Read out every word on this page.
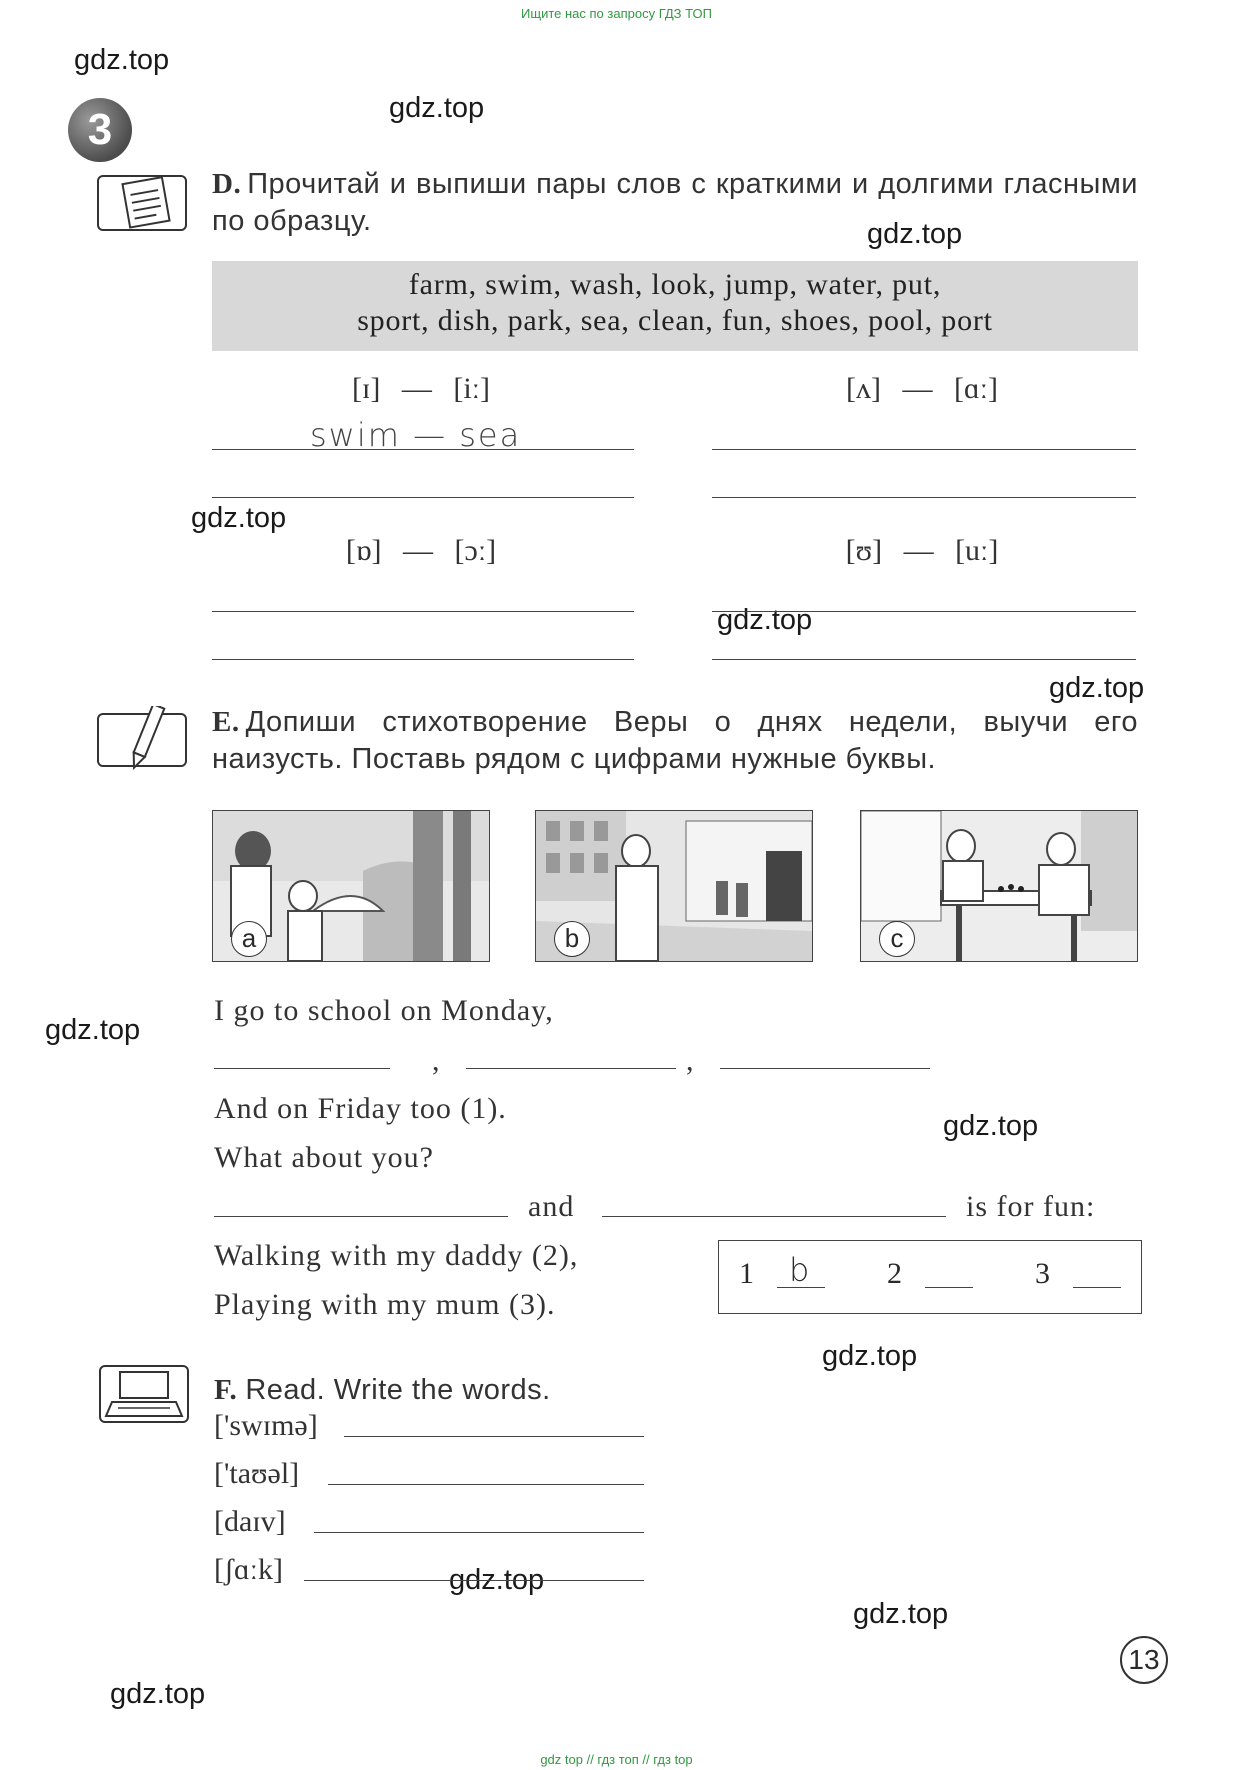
Ищите нас по запросу ГДЗ ТОП
gdz top // гдз топ // гдз top
gdz.top
gdz.top
gdz.top
gdz.top
gdz.top
gdz.top
gdz.top
gdz.top
gdz.top
gdz.top
gdz.top
gdz.top
3
D. Прочитай и выпиши пары слов с краткими и долгими гласными по образцу.
farm, swim, wash, look, jump, water, put,
sport, dish, park, sea, clean, fun, shoes, pool, port
[ɪ] — [iː]
swim — sea
[ʌ] — [ɑː]
[ɒ] — [ɔː]	[ʊ] — [uː]
E. Допиши стихотворение Веры о днях недели, выучи его наизусть. Поставь рядом с цифрами нужные буквы.
a	b	c
I go to school on Monday,
,	,
And on Friday too (1).
What about you?
and	is for fun:
Walking with my daddy (2),
Playing with my mum (3).
1 b	2	3
F. Read. Write the words.
['swɪmə]
['taʊəl]
[daɪv]
[ʃɑːk]
13
